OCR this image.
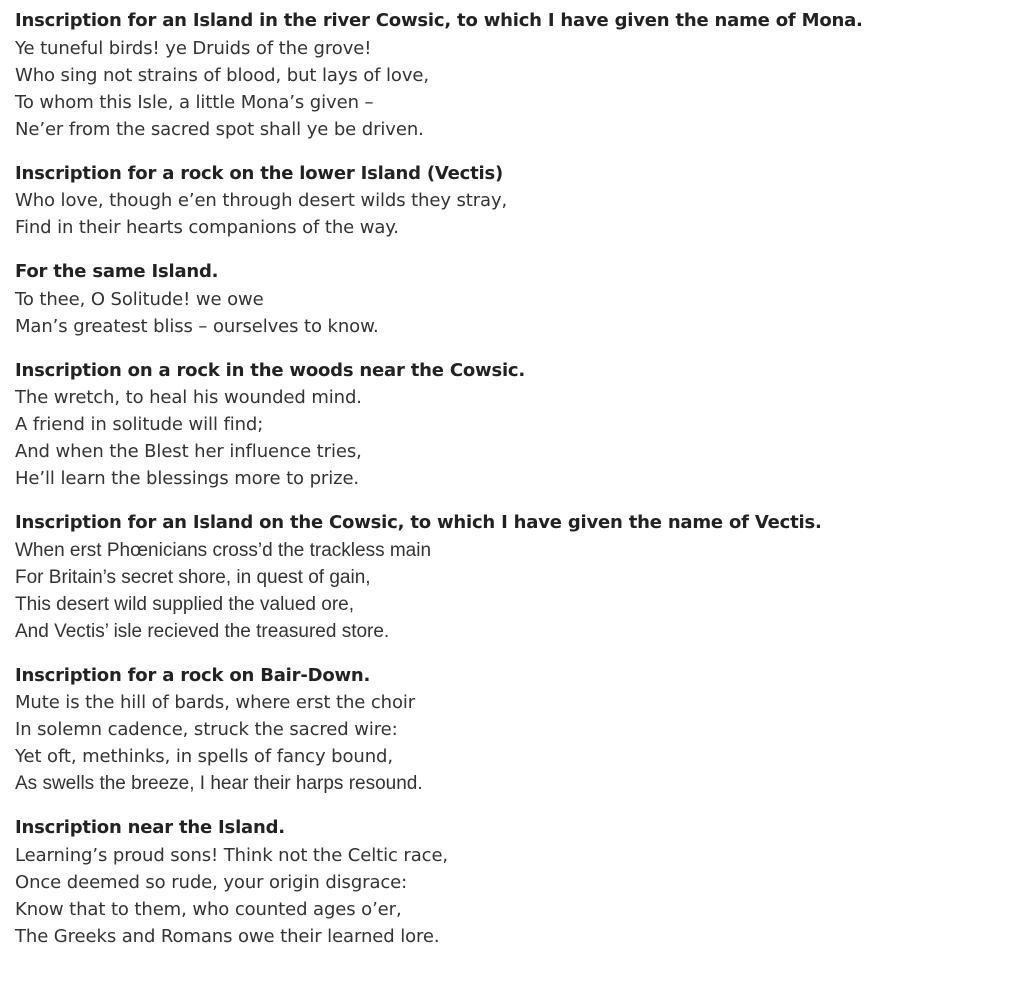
Inscription for an Island in the river Cowsic, to which I have given the name of Mona.

Ye tuneful birds! ye Druids of the grove!

Who sing not strains of blood, but lays of love,

To whom this Isle, a little Mona’s given –

Ne’er from the sacred spot shall ye be driven.

Inscription for a rock on the lower Island (Vectis)

Who love, though e’en through desert wilds they stray,

Find in their hearts companions of the way.

For the same Island.

To thee, O Solitude! we owe

Man’s greatest bliss – ourselves to know.

Inscription on a rock in the woods near the Cowsic.

The wretch, to heal his wounded mind.

A friend in solitude will find;

And when the Blest her influence tries,

He’ll learn the blessings more to prize.

Inscription for an Island on the Cowsic, to which I have given the name of Vectis.

When erst Phœnicians cross’d the trackless main

For Britain’s secret shore, in quest of gain,

This desert wild supplied the valued ore,

And Vectis’ isle recieved the treasured store.

Inscription for a rock on Bair-Down.

Mute is the hill of bards, where erst the choir

In solemn cadence, struck the sacred wire:

Yet oft, methinks, in spells of fancy bound,

As swells the breeze, I hear their harps resound.

Inscription near the Island.

Learning’s proud sons! Think not the Celtic race,

Once deemed so rude, your origin disgrace:

Know that to them, who counted ages o’er,

The Greeks and Romans owe their learned lore.
